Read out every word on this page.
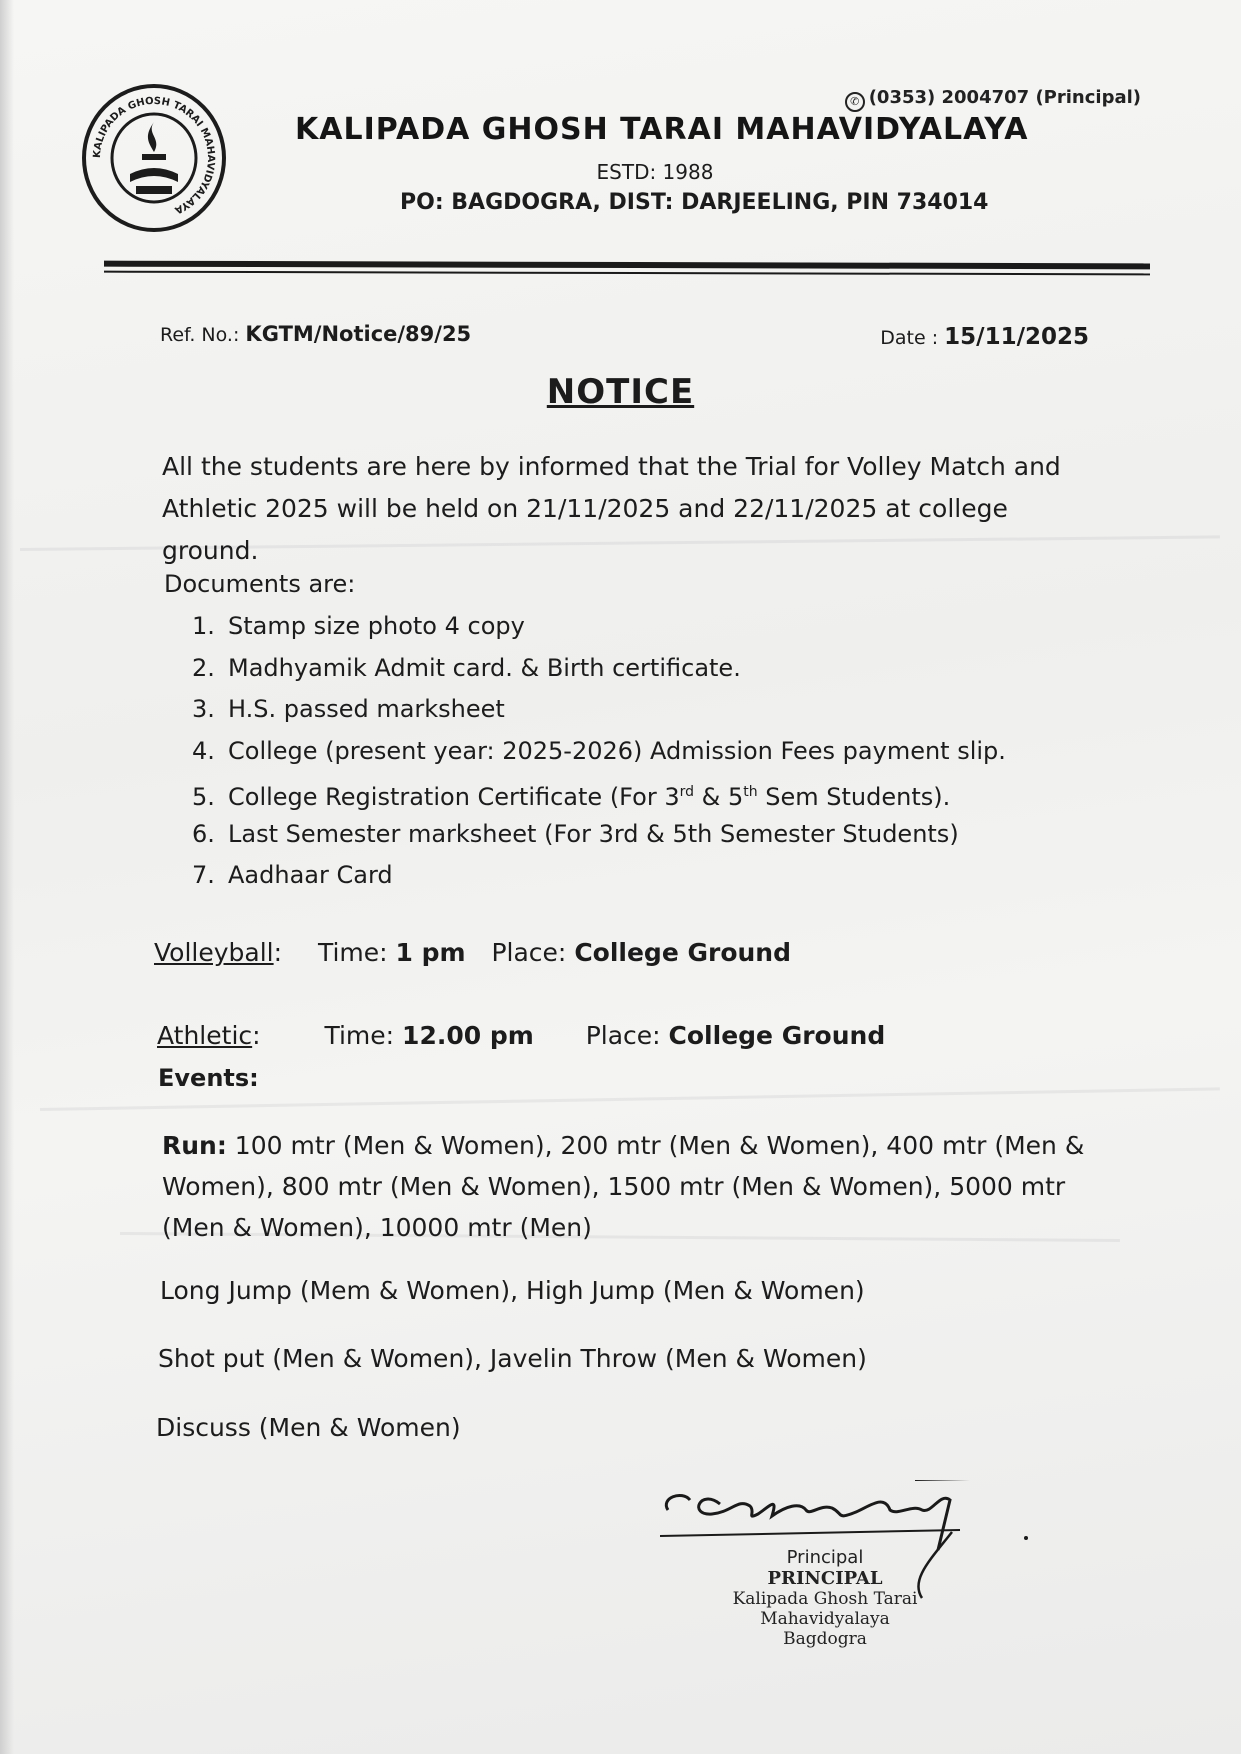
KALIPADA GHOSH TARAI MAHAVIDYALAYA
✆ (0353) 2004707 (Principal)
KALIPADA GHOSH TARAI MAHAVIDYALAYA
ESTD: 1988
PO: BAGDOGRA, DIST: DARJEELING, PIN 734014
Ref. No.: KGTM/Notice/89/25	Date : 15/11/2025
NOTICE
All the students are here by informed that the Trial for Volley Match and Athletic 2025 will be held on 21/11/2025 and 22/11/2025 at college ground.
Documents are:
1. Stamp size photo 4 copy
2. Madhyamik Admit card. & Birth certificate.
3. H.S. passed marksheet
4. College (present year: 2025-2026) Admission Fees payment slip.
5. College Registration Certificate (For 3rd & 5th Sem Students).
6. Last Semester marksheet (For 3rd & 5th Semester Students)
7. Aadhaar Card
Volleyball: Time: 1 pm Place: College Ground
Athletic:	Time: 12.00 pm Place: College Ground
Events:
Run: 100 mtr (Men & Women), 200 mtr (Men & Women), 400 mtr (Men & Women), 800 mtr (Men & Women), 1500 mtr (Men & Women), 5000 mtr (Men & Women), 10000 mtr (Men)
Long Jump (Mem & Women), High Jump (Men & Women)
Shot put (Men & Women), Javelin Throw (Men & Women)
Discuss (Men & Women)
Principal
PRINCIPAL
Kalipada Ghosh Tarai
Mahavidyalaya
Bagdogra
